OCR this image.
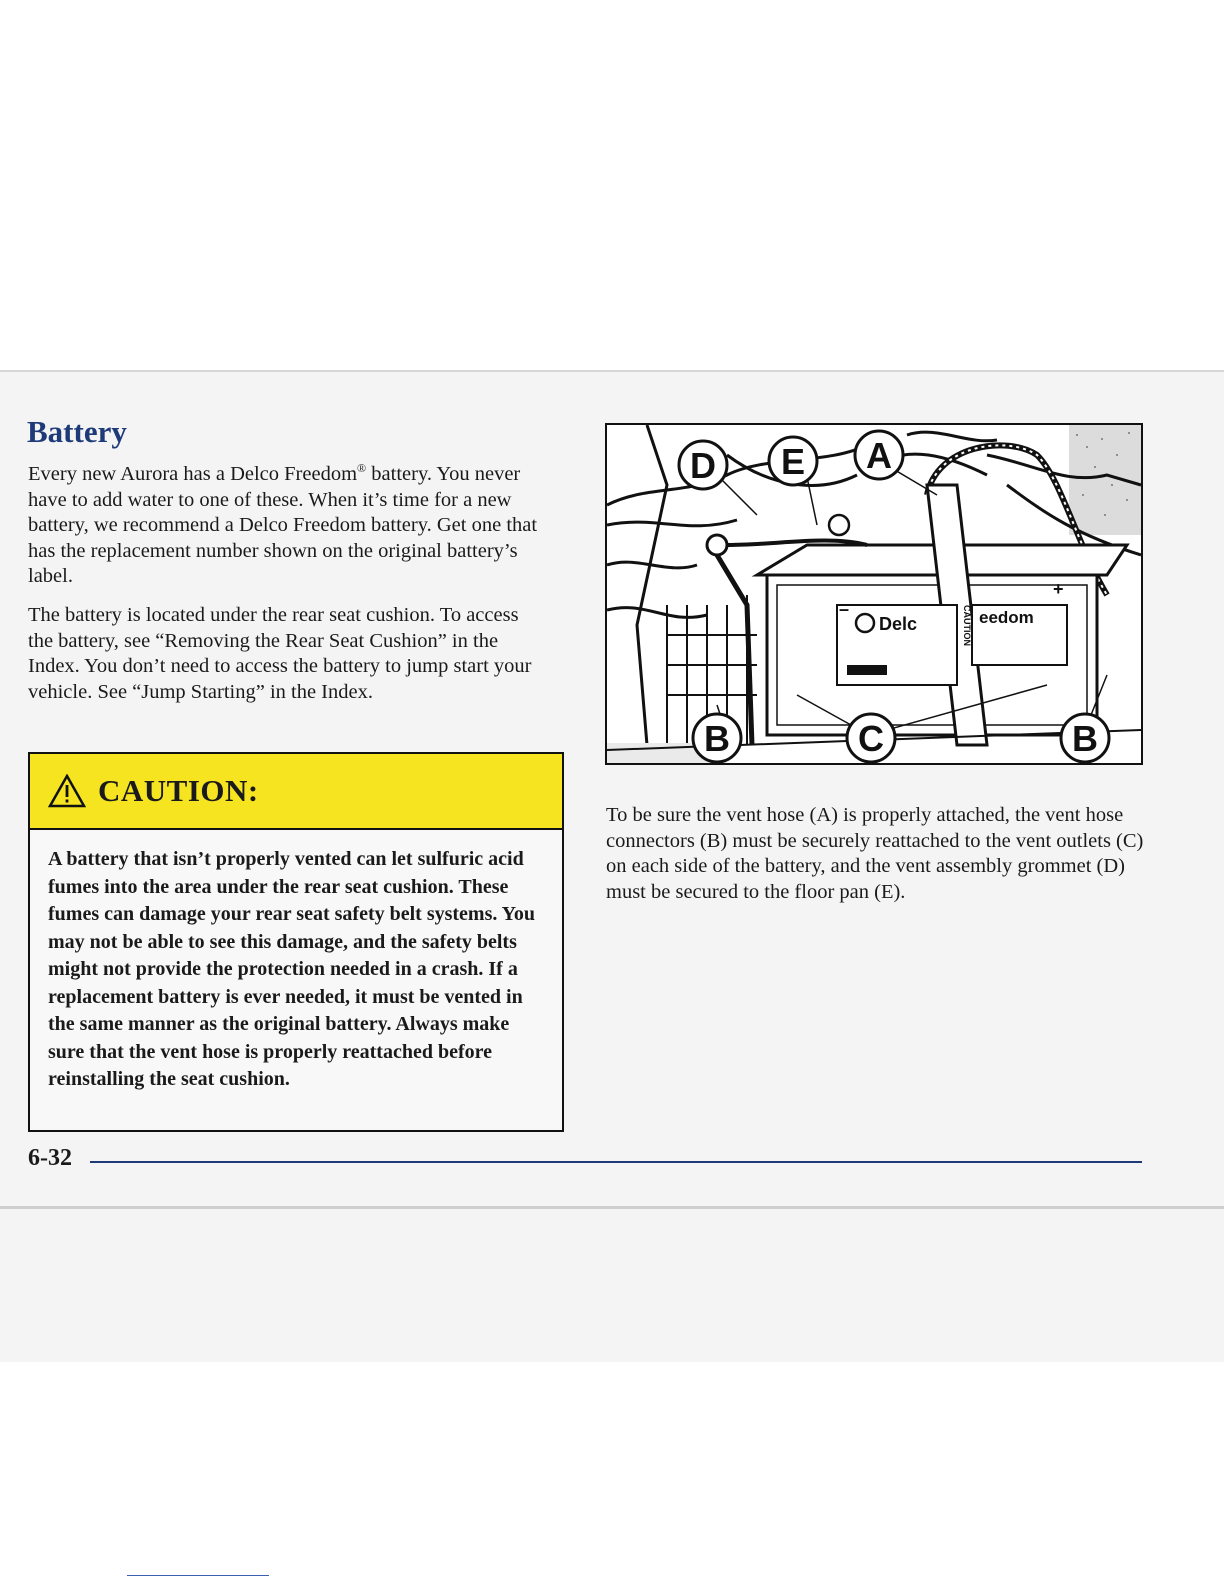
Battery

Every new Aurora has a Delco Freedom® battery. You never have to add water to one of these. When it’s time for a new battery, we recommend a Delco Freedom battery. Get one that has the replacement number shown on the original battery’s label.

The battery is located under the rear seat cushion. To access the battery, see “Removing the Rear Seat Cushion” in the Index. You don’t need to access the battery to jump start your vehicle. See “Jump Starting” in the Index.

CAUTION:

A battery that isn’t properly vented can let sulfuric acid fumes into the area under the rear seat cushion. These fumes can damage your rear seat safety belt systems. You may not be able to see this damage, and the safety belts might not provide the protection needed in a crash. If a replacement battery is ever needed, it must be vented in the same manner as the original battery. Always make sure that the vent hose is properly reattached before reinstalling the seat cushion.

Delc	eedom
CAUTION
+
–
D E A
B	C	B

To be sure the vent hose (A) is properly attached, the vent hose connectors (B) must be securely reattached to the vent outlets (C) on each side of the battery, and the vent assembly grommet (D) must be secured to the floor pan (E).

6-32
